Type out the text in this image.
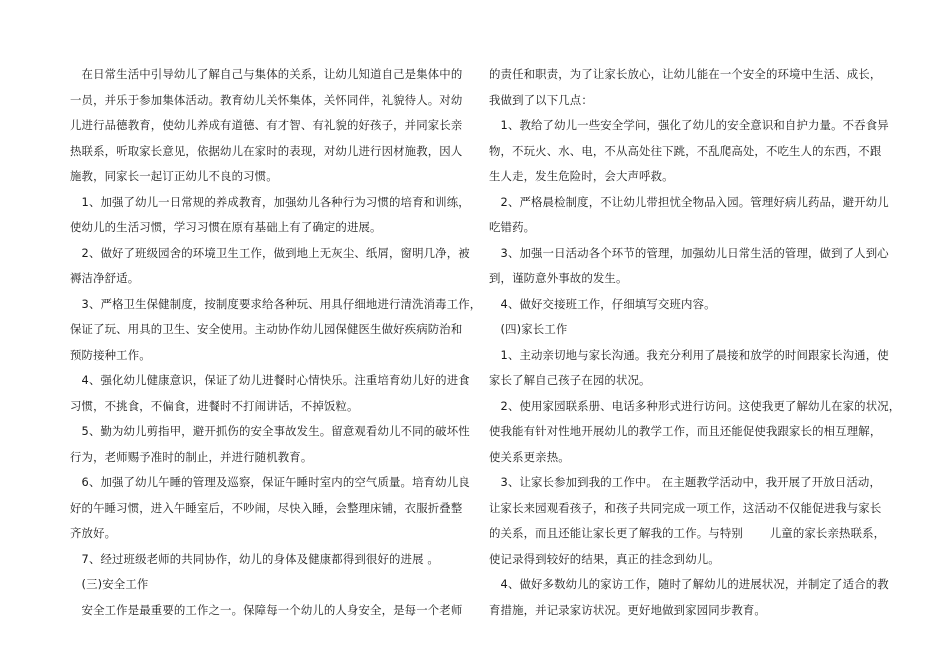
　在日常生活中引导幼儿了解自己与集体的关系，让幼儿知道自己是集体中的
一员，并乐于参加集体活动。教育幼儿关怀集体，关怀同伴，礼貌待人。对幼
儿进行品德教育，使幼儿养成有道德、有才智、有礼貌的好孩子，并同家长亲
热联系，听取家长意见，依据幼儿在家时的表现，对幼儿进行因材施教，因人
施教，同家长一起订正幼儿不良的习惯。
　1、加强了幼儿一日常规的养成教育，加强幼儿各种行为习惯的培育和训练，
使幼儿的生活习惯，学习习惯在原有基础上有了确定的进展。
　2、做好了班级园舍的环境卫生工作，做到地上无灰尘、纸屑，窗明几净，被
褥洁净舒适。
　3、严格卫生保健制度，按制度要求给各种玩、用具仔细地进行清洗消毒工作，
保证了玩、用具的卫生、安全使用。主动协作幼儿园保健医生做好疾病防治和
预防接种工作。
　4、强化幼儿健康意识，保证了幼儿进餐时心情快乐。注重培育幼儿好的进食
习惯，不挑食，不偏食，进餐时不打闹讲话，不掉饭粒。
　5、勤为幼儿剪指甲，避开抓伤的安全事故发生。留意观看幼儿不同的破坏性
行为，老师赐予准时的制止，并进行随机教育。
　6、加强了幼儿午睡的管理及巡察，保证午睡时室内的空气质量。培育幼儿良
好的午睡习惯，进入午睡室后，不吵闹，尽快入睡，会整理床铺，衣服折叠整
齐放好。
　7、经过班级老师的共同协作，幼儿的身体及健康都得到很好的进展 。
　(三)安全工作
　安全工作是最重要的工作之一。保障每一个幼儿的人身安全，是每一个老师
的责任和职责，为了让家长放心，让幼儿能在一个安全的环境中生活、成长，
我做到了以下几点：
　1、教给了幼儿一些安全学问，强化了幼儿的安全意识和自护力量。不吞食异
物，不玩火、水、电，不从高处往下跳，不乱爬高处，不吃生人的东西，不跟
生人走，发生危险时，会大声呼救。
　2、严格晨检制度，不让幼儿带担忧全物品入园。管理好病儿药品，避开幼儿
吃错药。
　3、加强一日活动各个环节的管理，加强幼儿日常生活的管理，做到了人到心
到，谨防意外事故的发生。
　4、做好交接班工作，仔细填写交班内容。
　(四)家长工作
　1、主动亲切地与家长沟通。我充分利用了晨接和放学的时间跟家长沟通，使
家长了解自己孩子在园的状况。
　2、使用家园联系册、电话多种形式进行访问。这使我更了解幼儿在家的状况，
使我能有针对性地开展幼儿的教学工作，而且还能促使我跟家长的相互理解，
使关系更亲热。
　3、让家长参加到我的工作中。 在主题教学活动中，我开展了开放日活动，
让家长来园观看孩子，和孩子共同完成一项工作，这活动不仅能促进我与家长
的关系，而且还能让家长更了解我的工作。与特别　　 儿童的家长亲热联系，
使记录得到较好的结果，真正的挂念到幼儿。
　4、做好多数幼儿的家访工作，随时了解幼儿的进展状况，并制定了适合的教
育措施，并记录家访状况。更好地做到家园同步教育。
